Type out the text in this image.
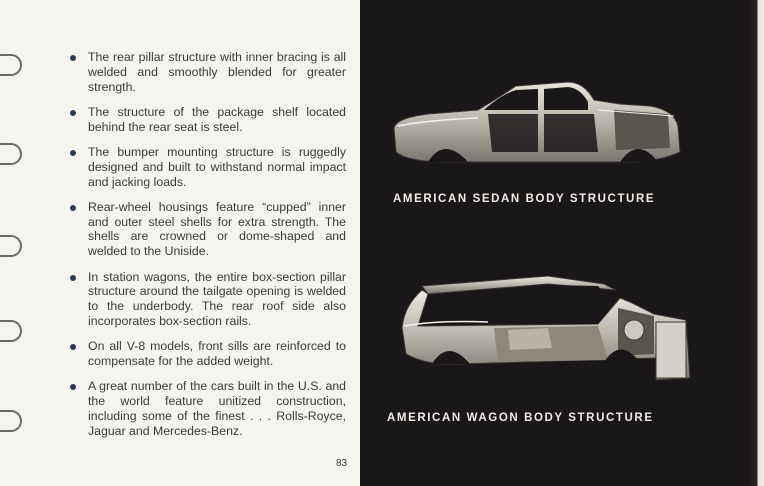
The rear pillar structure with inner bracing is all welded and smoothly blended for greater strength.
The structure of the package shelf located behind the rear seat is steel.
The bumper mounting structure is ruggedly designed and built to withstand normal impact and jacking loads.
Rear-wheel housings feature “cupped” inner and outer steel shells for extra strength. The shells are crowned or dome-shaped and welded to the Uniside.
In station wagons, the entire box-section pillar structure around the tailgate opening is welded to the underbody. The rear roof side also incorporates box-section rails.
On all V-8 models, front sills are reinforced to compensate for the added weight.
A great number of the cars built in the U.S. and the world feature unitized construction, including some of the finest . . . Rolls-Royce, Jaguar and Mercedes-Benz.
83
AMERICAN SEDAN BODY STRUCTURE
AMERICAN WAGON BODY STRUCTURE
